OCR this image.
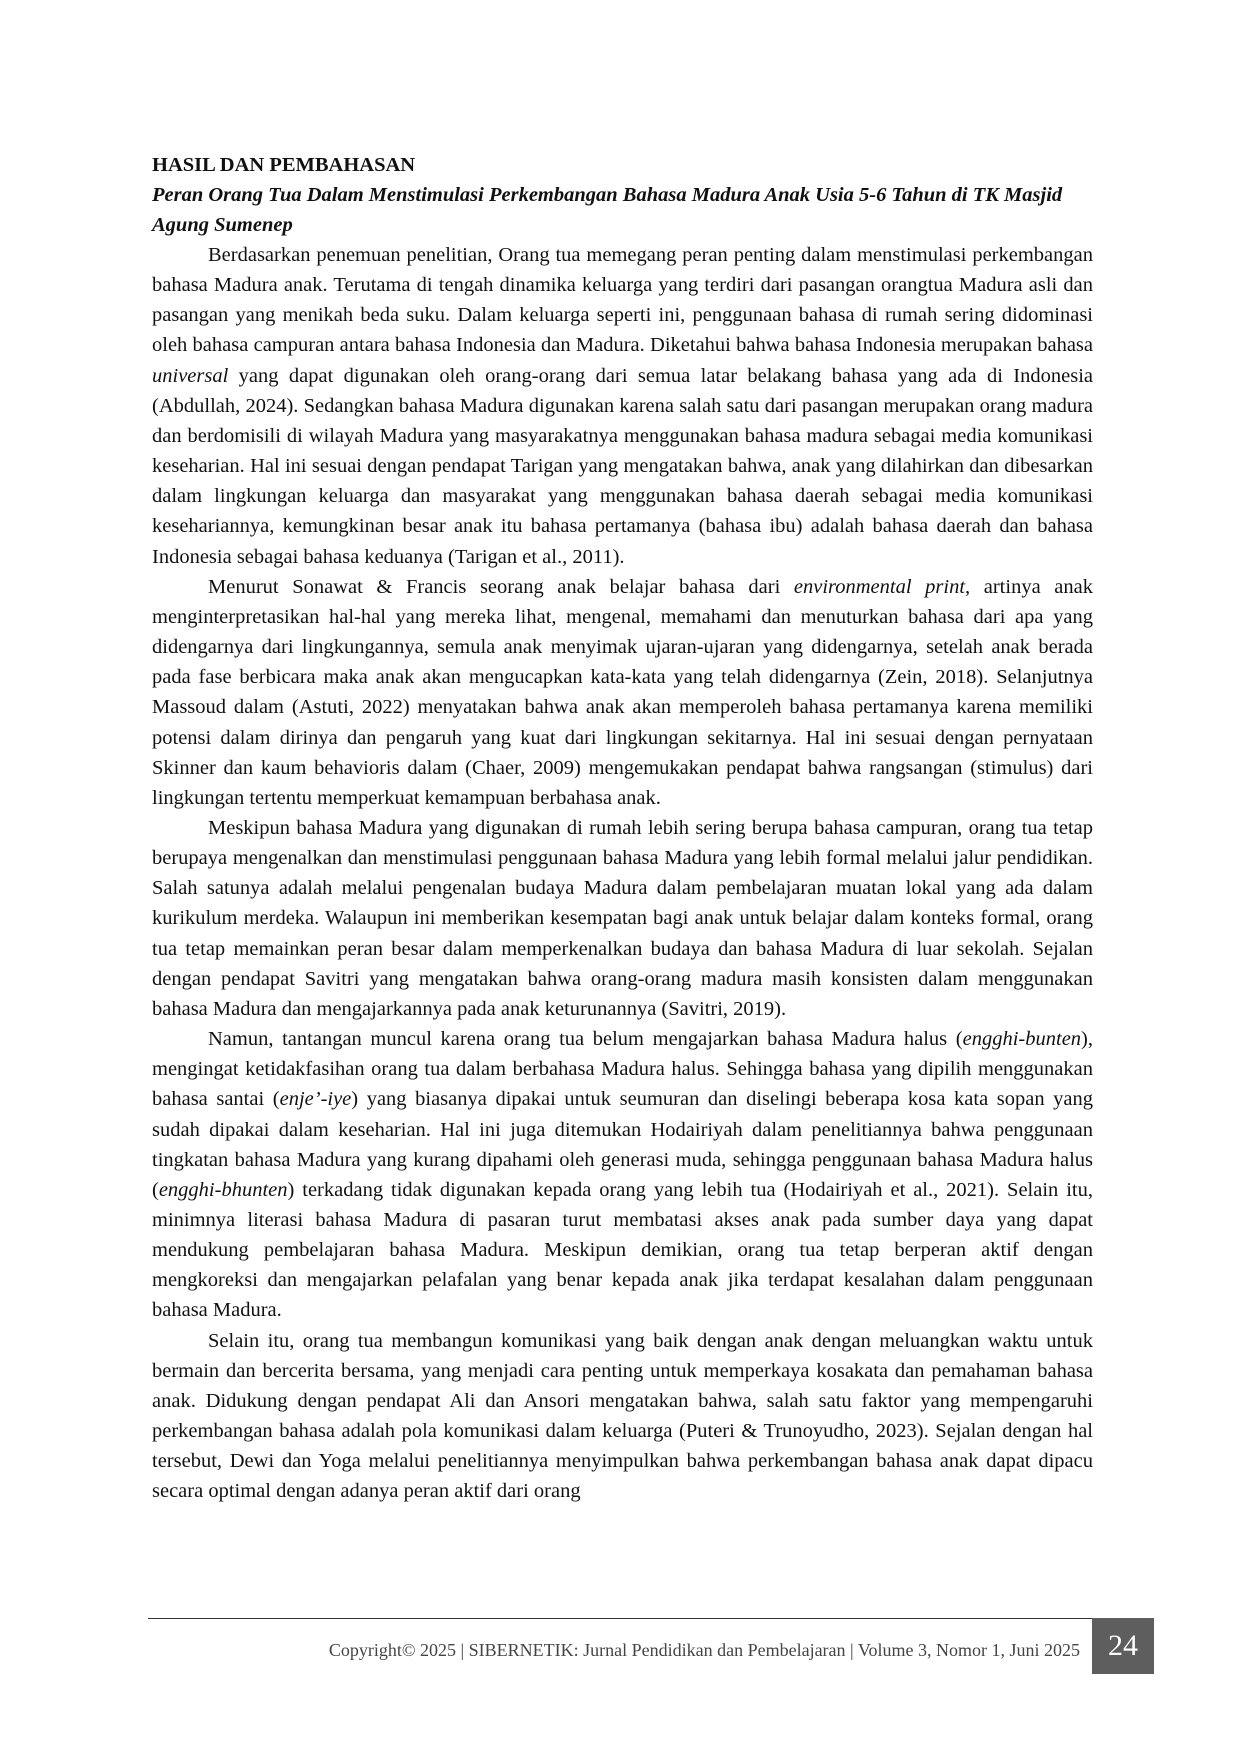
HASIL DAN PEMBAHASAN

Peran Orang Tua Dalam Menstimulasi Perkembangan Bahasa Madura Anak Usia 5-6 Tahun di TK Masjid Agung Sumenep

Berdasarkan penemuan penelitian, Orang tua memegang peran penting dalam menstimulasi perkembangan bahasa Madura anak. Terutama di tengah dinamika keluarga yang terdiri dari pasangan orangtua Madura asli dan pasangan yang menikah beda suku. Dalam keluarga seperti ini, penggunaan bahasa di rumah sering didominasi oleh bahasa campuran antara bahasa Indonesia dan Madura. Diketahui bahwa bahasa Indonesia merupakan bahasa universal yang dapat digunakan oleh orang-orang dari semua latar belakang bahasa yang ada di Indonesia (Abdullah, 2024). Sedangkan bahasa Madura digunakan karena salah satu dari pasangan merupakan orang madura dan berdomisili di wilayah Madura yang masyarakatnya menggunakan bahasa madura sebagai media komunikasi keseharian. Hal ini sesuai dengan pendapat Tarigan yang mengatakan bahwa, anak yang dilahirkan dan dibesarkan dalam lingkungan keluarga dan masyarakat yang menggunakan bahasa daerah sebagai media komunikasi kesehariannya, kemungkinan besar anak itu bahasa pertamanya (bahasa ibu) adalah bahasa daerah dan bahasa Indonesia sebagai bahasa keduanya (Tarigan et al., 2011).

Menurut Sonawat & Francis seorang anak belajar bahasa dari environmental print, artinya anak menginterpretasikan hal-hal yang mereka lihat, mengenal, memahami dan menuturkan bahasa dari apa yang didengarnya dari lingkungannya, semula anak menyimak ujaran-ujaran yang didengarnya, setelah anak berada pada fase berbicara maka anak akan mengucapkan kata-kata yang telah didengarnya (Zein, 2018). Selanjutnya Massoud dalam (Astuti, 2022) menyatakan bahwa anak akan memperoleh bahasa pertamanya karena memiliki potensi dalam dirinya dan pengaruh yang kuat dari lingkungan sekitarnya. Hal ini sesuai dengan pernyataan Skinner dan kaum behavioris dalam (Chaer, 2009) mengemukakan pendapat bahwa rangsangan (stimulus) dari lingkungan tertentu memperkuat kemampuan berbahasa anak.

Meskipun bahasa Madura yang digunakan di rumah lebih sering berupa bahasa campuran, orang tua tetap berupaya mengenalkan dan menstimulasi penggunaan bahasa Madura yang lebih formal melalui jalur pendidikan. Salah satunya adalah melalui pengenalan budaya Madura dalam pembelajaran muatan lokal yang ada dalam kurikulum merdeka. Walaupun ini memberikan kesempatan bagi anak untuk belajar dalam konteks formal, orang tua tetap memainkan peran besar dalam memperkenalkan budaya dan bahasa Madura di luar sekolah. Sejalan dengan pendapat Savitri yang mengatakan bahwa orang-orang madura masih konsisten dalam menggunakan bahasa Madura dan mengajarkannya pada anak keturunannya (Savitri, 2019).

Namun, tantangan muncul karena orang tua belum mengajarkan bahasa Madura halus (engghi-bunten), mengingat ketidakfasihan orang tua dalam berbahasa Madura halus. Sehingga bahasa yang dipilih menggunakan bahasa santai (enje’-iye) yang biasanya dipakai untuk seumuran dan diselingi beberapa kosa kata sopan yang sudah dipakai dalam keseharian. Hal ini juga ditemukan Hodairiyah dalam penelitiannya bahwa penggunaan tingkatan bahasa Madura yang kurang dipahami oleh generasi muda, sehingga penggunaan bahasa Madura halus (engghi-bhunten) terkadang tidak digunakan kepada orang yang lebih tua (Hodairiyah et al., 2021). Selain itu, minimnya literasi bahasa Madura di pasaran turut membatasi akses anak pada sumber daya yang dapat mendukung pembelajaran bahasa Madura. Meskipun demikian, orang tua tetap berperan aktif dengan mengkoreksi dan mengajarkan pelafalan yang benar kepada anak jika terdapat kesalahan dalam penggunaan bahasa Madura.

Selain itu, orang tua membangun komunikasi yang baik dengan anak dengan meluangkan waktu untuk bermain dan bercerita bersama, yang menjadi cara penting untuk memperkaya kosakata dan pemahaman bahasa anak. Didukung dengan pendapat Ali dan Ansori mengatakan bahwa, salah satu faktor yang mempengaruhi perkembangan bahasa adalah pola komunikasi dalam keluarga (Puteri & Trunoyudho, 2023). Sejalan dengan hal tersebut, Dewi dan Yoga melalui penelitiannya menyimpulkan bahwa perkembangan bahasa anak dapat dipacu secara optimal dengan adanya peran aktif dari orang

Copyright© 2025 | SIBERNETIK: Jurnal Pendidikan dan Pembelajaran | Volume 3, Nomor 1, Juni 2025 24
